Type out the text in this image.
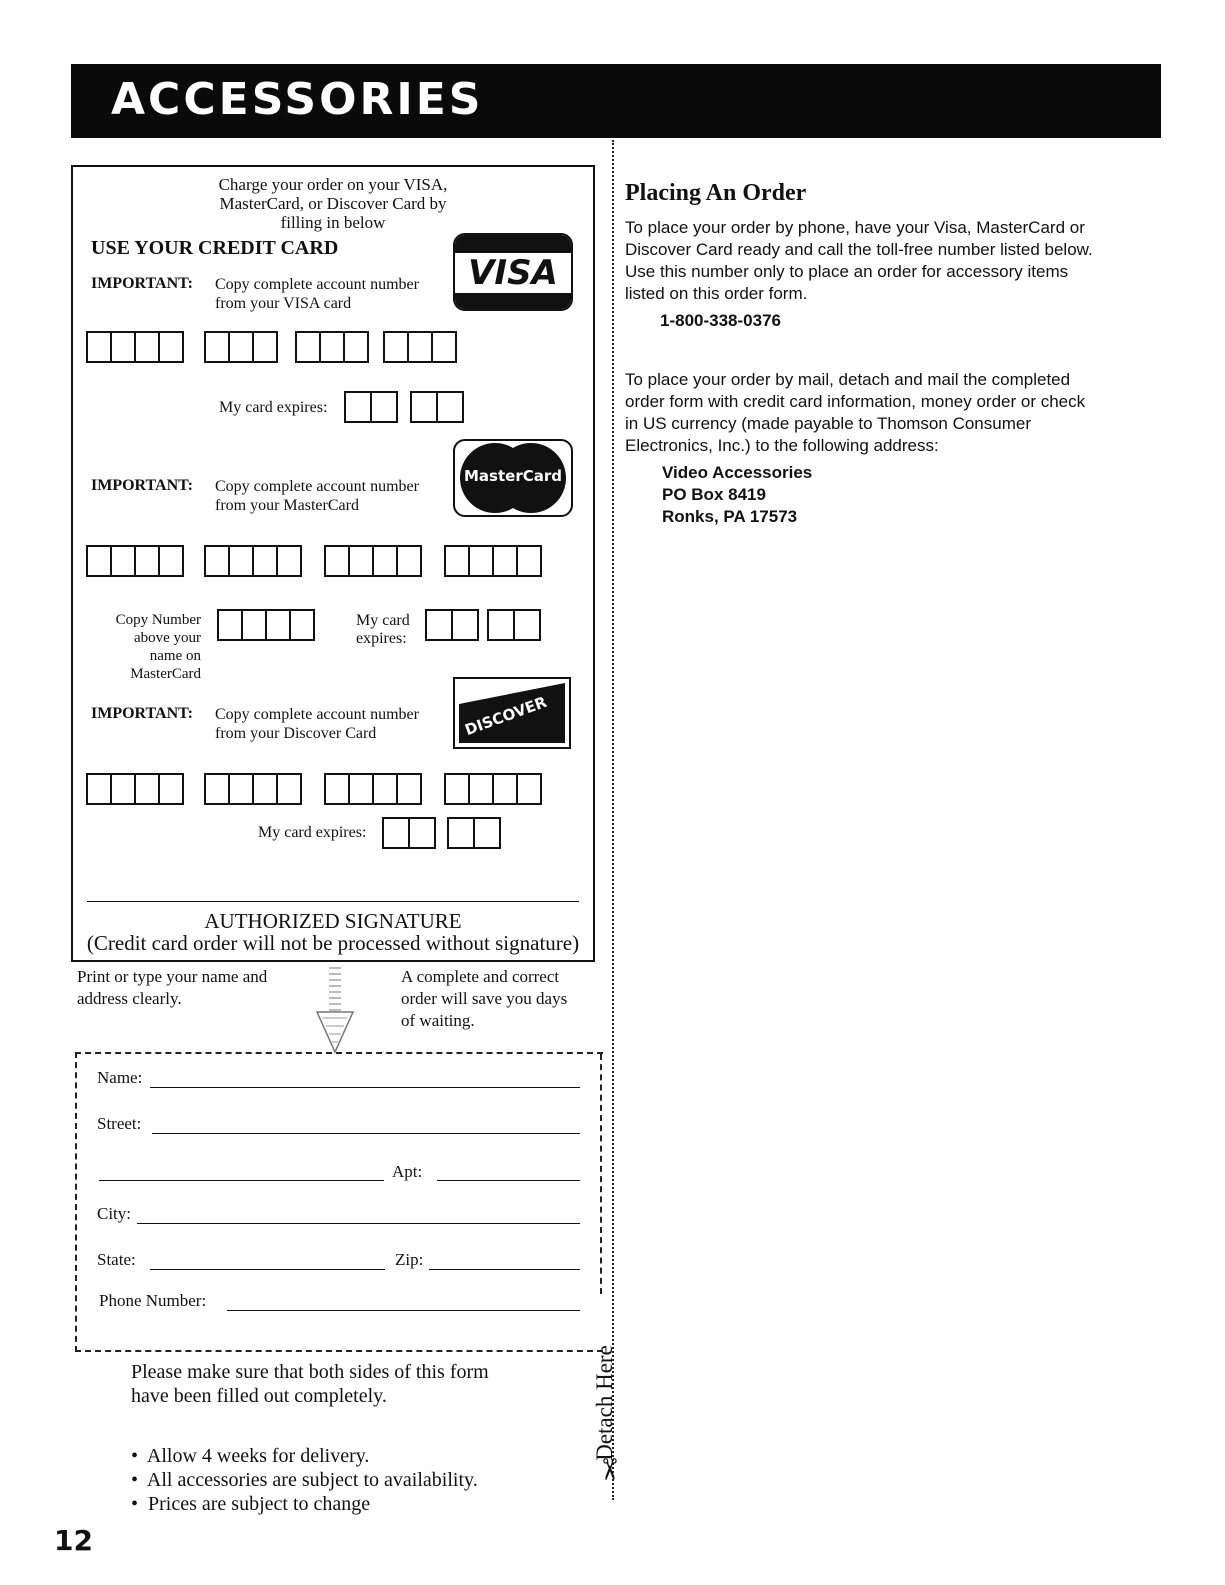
ACCESSORIES
Charge your order on your VISA,
MasterCard, or Discover Card by
filling in below
USE YOUR CREDIT CARD
IMPORTANT: Copy complete account number
from your VISA card
VISA
My card expires:
IMPORTANT: Copy complete account number
from your MasterCard
MasterCard
Copy Number
above your
name on
MasterCard
My card
expires:
IMPORTANT: Copy complete account number
from your Discover Card	DISCOVER
My card expires:
AUTHORIZED SIGNATURE
(Credit card order will not be processed without signature)
Print or type your name and
address clearly.
A complete and correct
order will save you days
of waiting.
Name:
Street:
Apt:
City:
State:	Zip:
Phone Number:
Detach Here
✂
Please make sure that both sides of this form
have been filled out completely.
•  Allow 4 weeks for delivery.
•  All accessories are subject to availability.
•  Prices are subject to change
12
Placing An Order
To place your order by phone, have your Visa, MasterCard or
Discover Card ready and call the toll-free number listed below.
Use this number only to place an order for accessory items
listed on this order form.
1-800-338-0376
To place your order by mail, detach and mail the completed
order form with credit card information, money order or check
in US currency (made payable to Thomson Consumer
Electronics, Inc.) to the following address:
Video Accessories
PO Box 8419
Ronks, PA 17573
